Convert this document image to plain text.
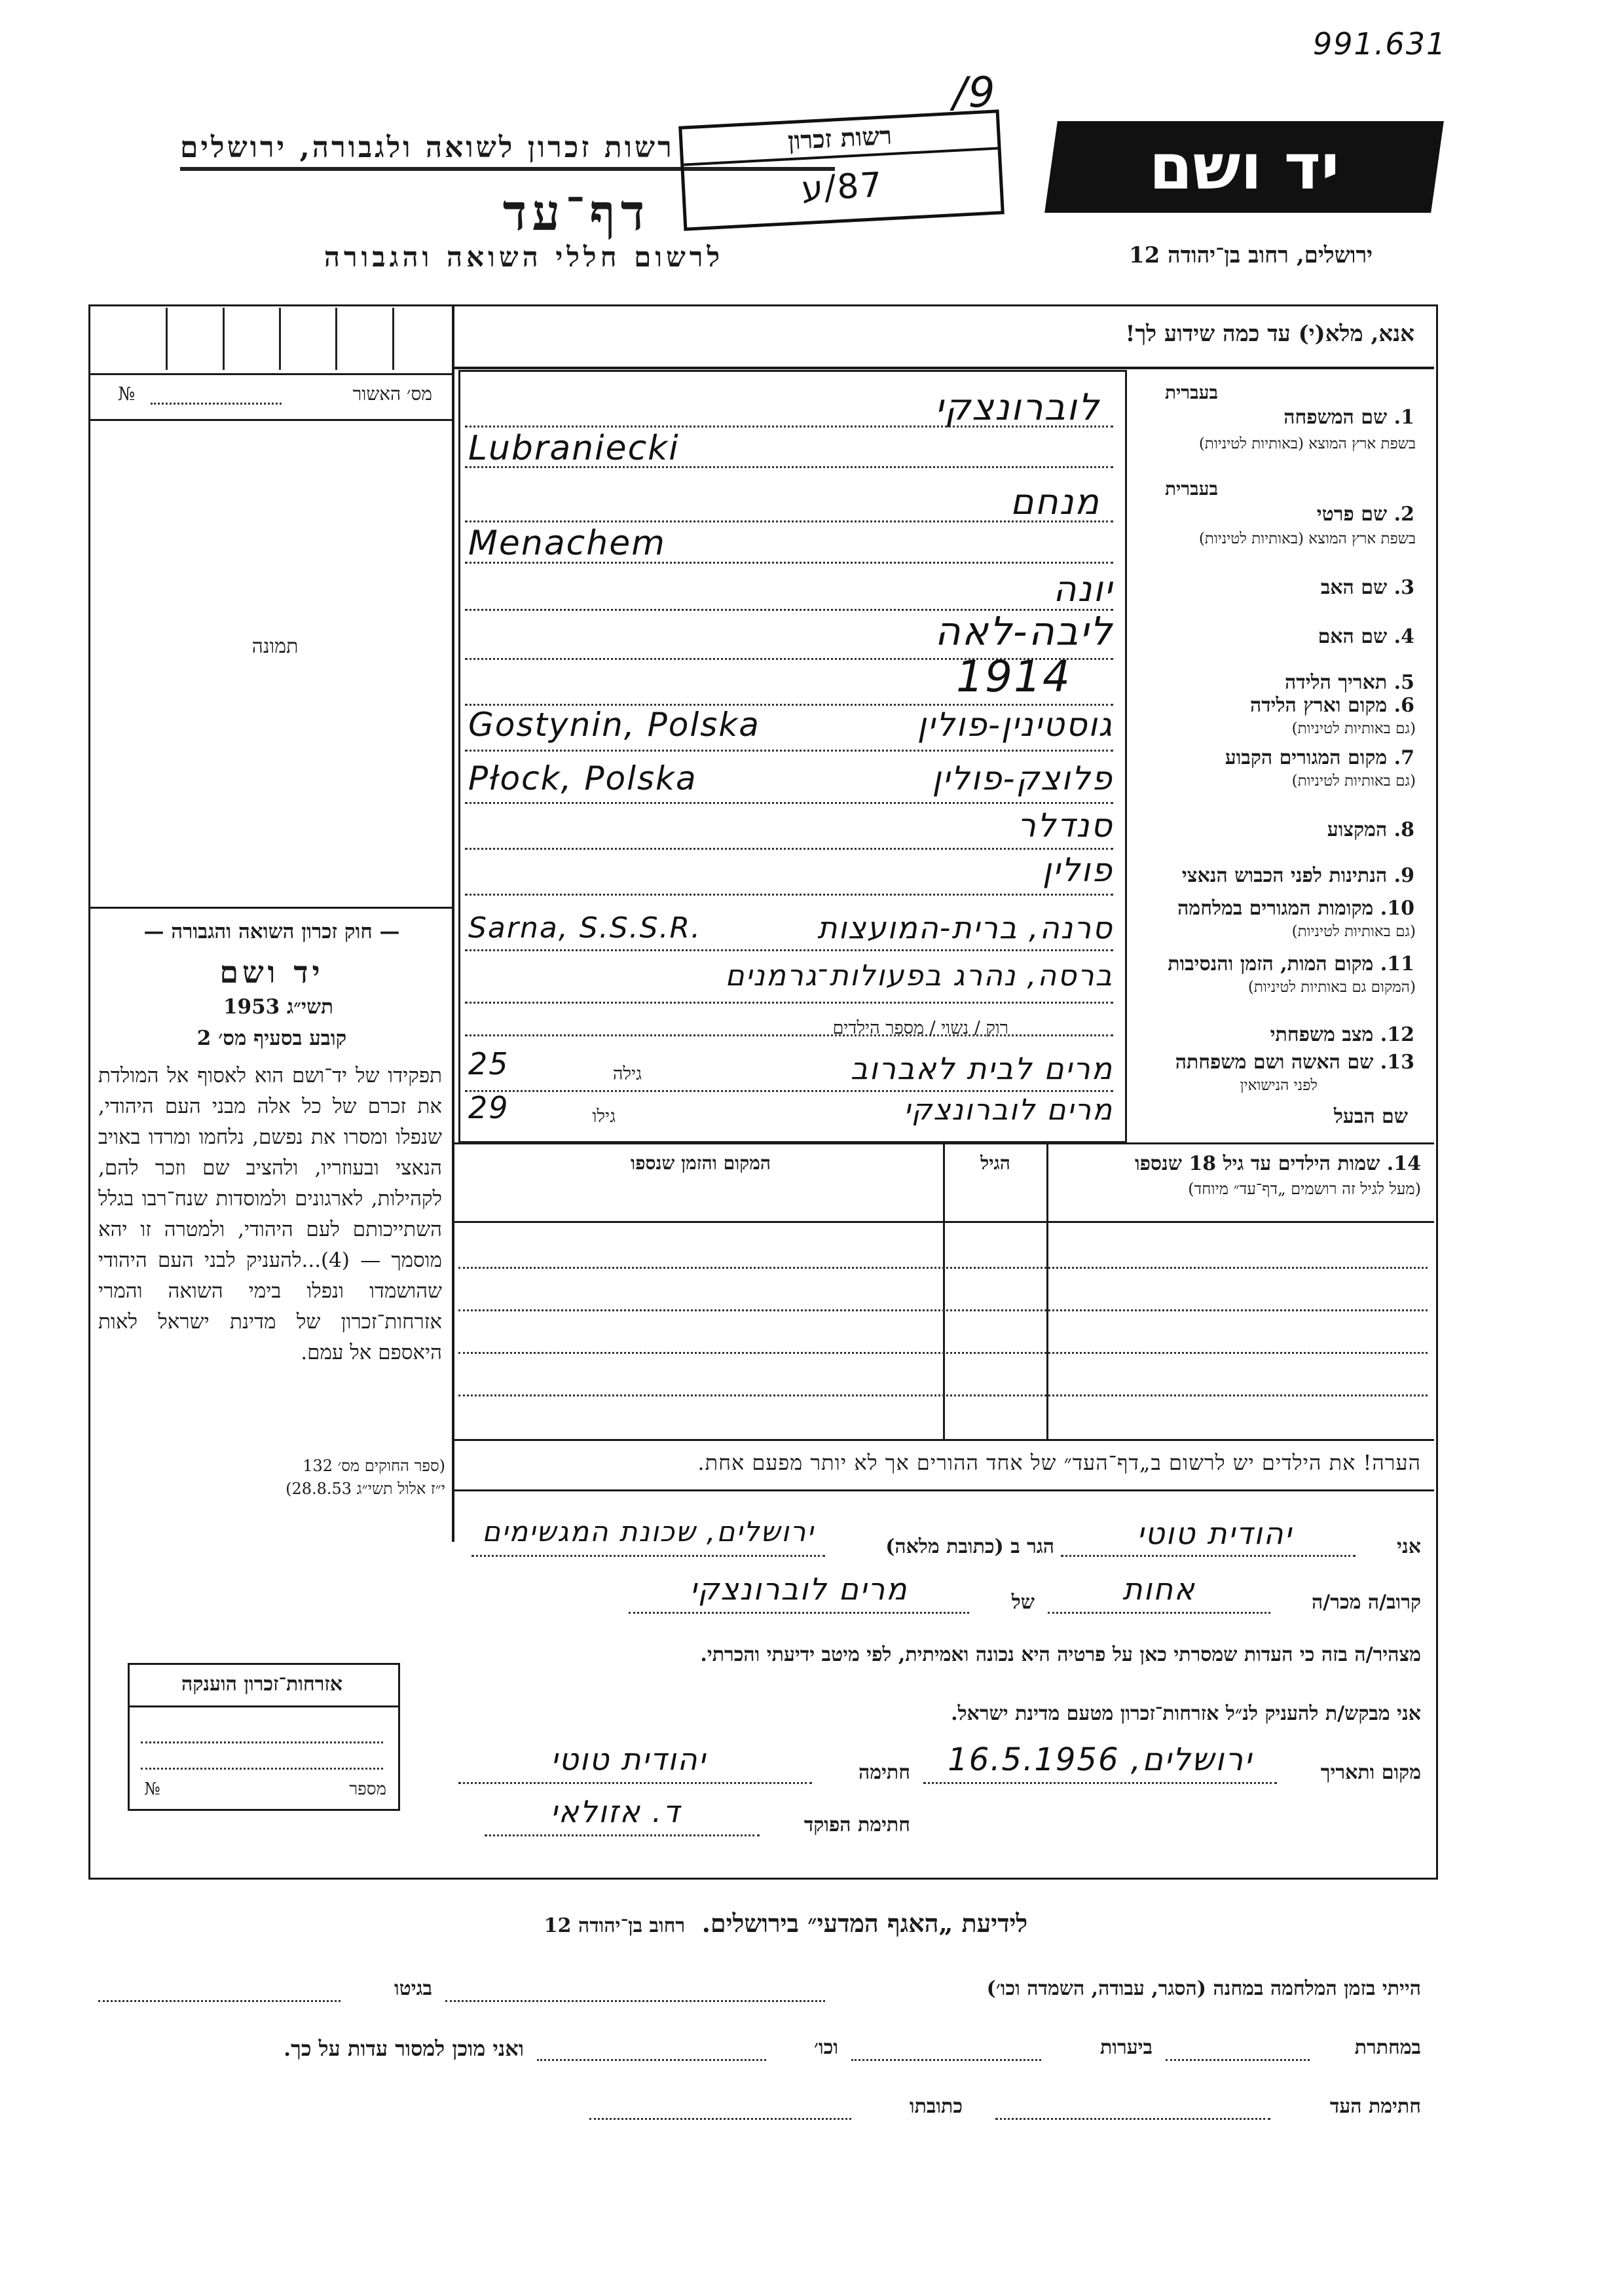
991.631
/9
יד ושם
רשות זכרון לשואה ולגבורה, ירושלים	רשות זכרון
87/ע
דף־עד
לרשום חללי השואה והגבורה	ירושלים, רחוב בן־יהודה 12
מס׳ האשור
№
תמונה
— חוק זכרון השואה והגבורה —
יד ושם
תשי״ג 1953
קובע בסעיף מס׳ 2
תפקידו של יד־ושם הוא לאסוף אל המולדת את זכרם של כל אלה מבני העם היהודי, שנפלו ומסרו את נפשם, נלחמו ומרדו באויב הנאצי ובעוזריו, ולהציב שם וזכר להם, לקהילות, לארגונים ולמוסדות שנח־רבו בגלל השתייכותם לעם היהודי, ולמטרה זו יהא מוסמך — (4)...להעניק לבני העם היהודי שהושמדו ונפלו בימי השואה והמרי אזרחות־זכרון של מדינת ישראל לאות היאספם אל עמם.
(ספר החוקים מס׳ 132
י״ז אלול תשי״ג 28.8.53)
אזרחות־זכרון הוענקה
מספר
№
אנא, מלא(י) עד כמה שידוע לך!
בעברית
1. שם המשפחה
בשפת ארץ המוצא (באותיות לטיניות)
לוברונצקי
Lubraniecki
בעברית
2. שם פרטי
בשפת ארץ המוצא (באותיות לטיניות)
מנחם
Menachem
3. שם האב
יונה
4. שם האם
ליבה-לאה
5. תאריך הלידה
1914
6. מקום וארץ הלידה
(גם באותיות לטיניות)
Gostynin, Polska	גוסטינין-פולין
7. מקום המגורים הקבוע
(גם באותיות לטיניות)
Płock, Polska	פלוצק-פולין
8. המקצוע
סנדלר
9. הנתינות לפני הכבוש הנאצי
פולין
10. מקומות המגורים במלחמה
(גם באותיות לטיניות)
Sarna, S.S.S.R.	סרנה, ברית-המועצות
11. מקום המות, הזמן והנסיבות
(המקום גם באותיות לטיניות)
ברסה, נהרג בפעולות־גרמנים
12. מצב משפחתי
רוק / נשוי / מספר הילדים
13. שם האשה ושם משפחתה
לפני הנישואין
מרים לבית לאברוב
גילה
25
שם הבעל
מרים לוברונצקי
גילו
29
14. שמות הילדים עד גיל 18 שנספו
(מעל לגיל זה רושמים „דף־עד״ מיוחד)
הגיל
המקום והזמן שנספו
הערה! את הילדים יש לרשום ב„דף־העד״ של אחד ההורים אך לא יותר מפעם אחת.
אני
יהודית טוטי
הגר ב (כתובת מלאה)
ירושלים, שכונת המגשימים
קרוב/ה מכר/ה
אחות
של
מרים לוברונצקי
מצהיר/ה בזה כי העדות שמסרתי כאן על פרטיה היא נכונה ואמיתית, לפי מיטב ידיעתי והכרתי.
אני מבקש/ת להעניק לנ״ל אזרחות־זכרון מטעם מדינת ישראל.
מקום ותאריך
ירושלים, 16.5.1956
חתימה
יהודית טוטי
חתימת הפוקד
ד. אזולאי
לידיעת „האגף המדעי״ בירושלים. רחוב בן־יהודה 12
הייתי בזמן המלחמה במחנה (הסגר, עבודה, השמדה וכו׳)
בגיטו
במחתרת
ביערות
וכו׳
ואני מוכן למסור עדות על כך.
חתימת העד
כתובתו
